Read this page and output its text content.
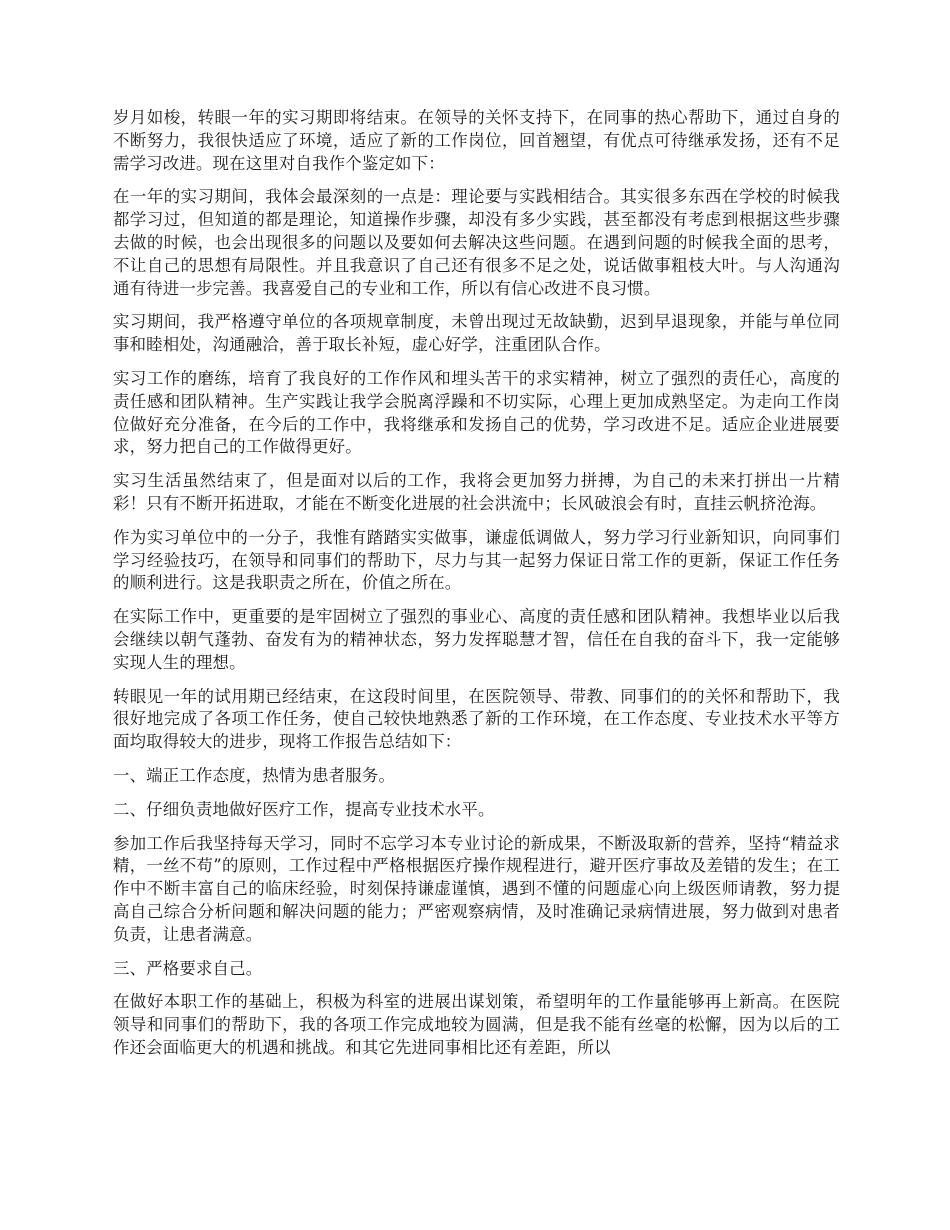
岁月如梭，转眼一年的实习期即将结束。在领导的关怀支持下，在同事的热心帮助下，通过自身的不断努力，我很快适应了环境，适应了新的工作岗位，回首翘望，有优点可待继承发扬，还有不足需学习改进。现在这里对自我作个鉴定如下：

在一年的实习期间，我体会最深刻的一点是：理论要与实践相结合。其实很多东西在学校的时候我都学习过，但知道的都是理论，知道操作步骤，却没有多少实践，甚至都没有考虑到根据这些步骤去做的时候，也会出现很多的问题以及要如何去解决这些问题。在遇到问题的时候我全面的思考，不让自己的思想有局限性。并且我意识了自己还有很多不足之处，说话做事粗枝大叶。与人沟通沟通有待进一步完善。我喜爱自己的专业和工作，所以有信心改进不良习惯。

实习期间，我严格遵守单位的各项规章制度，未曾出现过无故缺勤，迟到早退现象，并能与单位同事和睦相处，沟通融洽，善于取长补短，虚心好学，注重团队合作。

实习工作的磨练，培育了我良好的工作作风和埋头苦干的求实精神，树立了强烈的责任心，高度的责任感和团队精神。生产实践让我学会脱离浮躁和不切实际，心理上更加成熟坚定。为走向工作岗位做好充分准备，在今后的工作中，我将继承和发扬自己的优势，学习改进不足。适应企业进展要求，努力把自己的工作做得更好。

实习生活虽然结束了，但是面对以后的工作，我将会更加努力拼搏，为自己的未来打拼出一片精彩！只有不断开拓进取，才能在不断变化进展的社会洪流中；长风破浪会有时，直挂云帆挤沧海。

作为实习单位中的一分子，我惟有踏踏实实做事，谦虚低调做人，努力学习行业新知识，向同事们学习经验技巧，在领导和同事们的帮助下，尽力与其一起努力保证日常工作的更新，保证工作任务的顺利进行。这是我职责之所在，价值之所在。

在实际工作中，更重要的是牢固树立了强烈的事业心、高度的责任感和团队精神。我想毕业以后我会继续以朝气蓬勃、奋发有为的精神状态，努力发挥聪慧才智，信任在自我的奋斗下，我一定能够实现人生的理想。

转眼见一年的试用期已经结束，在这段时间里，在医院领导、带教、同事们的的关怀和帮助下，我很好地完成了各项工作任务，使自己较快地熟悉了新的工作环境，在工作态度、专业技术水平等方面均取得较大的进步，现将工作报告总结如下：

一、端正工作态度，热情为患者服务。

二、仔细负责地做好医疗工作，提高专业技术水平。

参加工作后我坚持每天学习，同时不忘学习本专业讨论的新成果，不断汲取新的营养，坚持“精益求精，一丝不苟”的原则，工作过程中严格根据医疗操作规程进行，避开医疗事故及差错的发生；在工作中不断丰富自己的临床经验，时刻保持谦虚谨慎，遇到不懂的问题虚心向上级医师请教，努力提高自己综合分析问题和解决问题的能力；严密观察病情，及时准确记录病情进展，努力做到对患者负责，让患者满意。

三、严格要求自己。

在做好本职工作的基础上，积极为科室的进展出谋划策，希望明年的工作量能够再上新高。在医院领导和同事们的帮助下，我的各项工作完成地较为圆满，但是我不能有丝毫的松懈，因为以后的工作还会面临更大的机遇和挑战。和其它先进同事相比还有差距，所以
